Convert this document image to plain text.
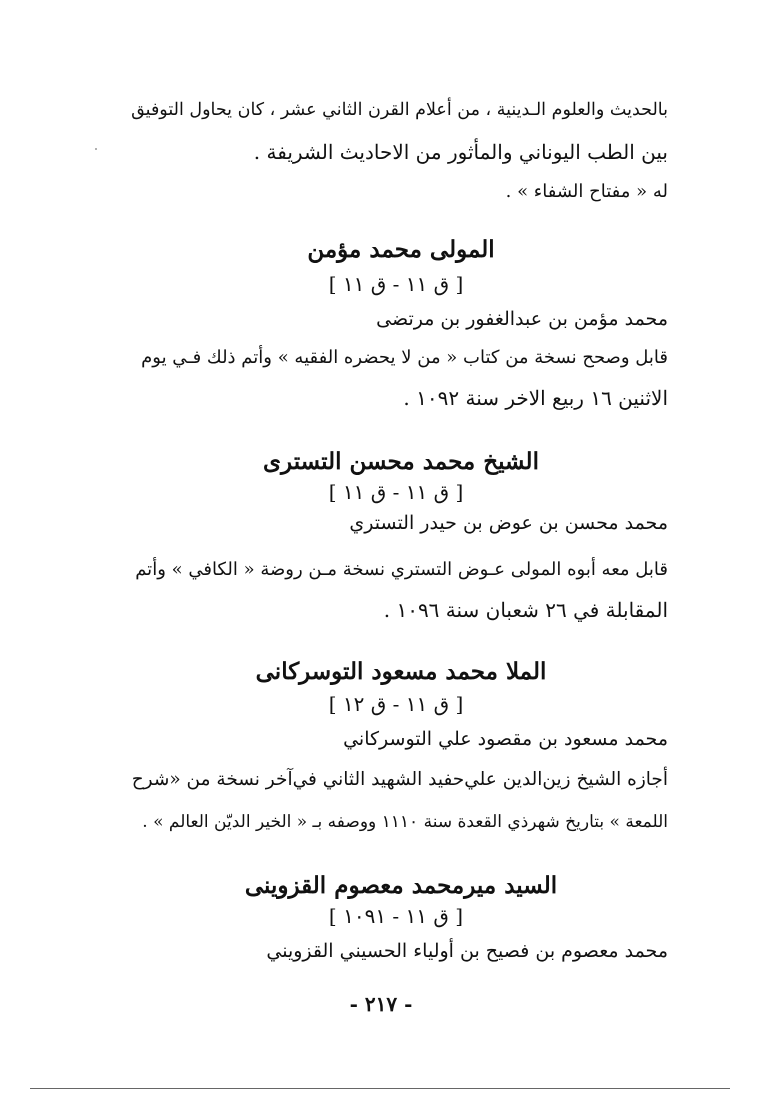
بالحديث والعلوم الـدينية ، من أعلام القرن الثاني عشر ، كان يحاول التوفيق
بين الطب اليوناني والمأثور من الاحاديث الشريفة .
له « مفتاح الشفاء » .
المولى محمد مؤمن
[ ق ١١ - ق ١١ ]
محمد مؤمن بن عبدالغفور بن مرتضى
قابل وصحح نسخة من كتاب « من لا يحضره الفقيه » وأتم ذلك فـي يوم
الاثنين ١٦ ربيع الاخر سنة ١٠٩٢ .
الشيخ محمد محسن التسترى
[ ق ١١ - ق ١١ ]
محمد محسن بن عوض بن حيدر التستري
قابل معه أبوه المولى عـوض التستري نسخة مـن روضة « الكافي » وأتم
المقابلة في ٢٦ شعبان سنة ١٠٩٦ .
الملا محمد مسعود التوسركانى
[ ق ١١ - ق ١٢ ]
محمد مسعود بن مقصود علي التوسركاني
أجازه الشيخ زين‌الدين علي‌حفيد الشهيد الثاني في‌آخر نسخة من «شرح
اللمعة » بتاريخ شهرذي القعدة سنة ١١١٠ ووصفه بـ « الخير الديّن العالم » .
السيد ميرمحمد معصوم القزوينى
[ ق ١١ - ١٠٩١ ]
محمد معصوم بن فصيح بن أولياء الحسيني القزويني
- ٢١٧ -
